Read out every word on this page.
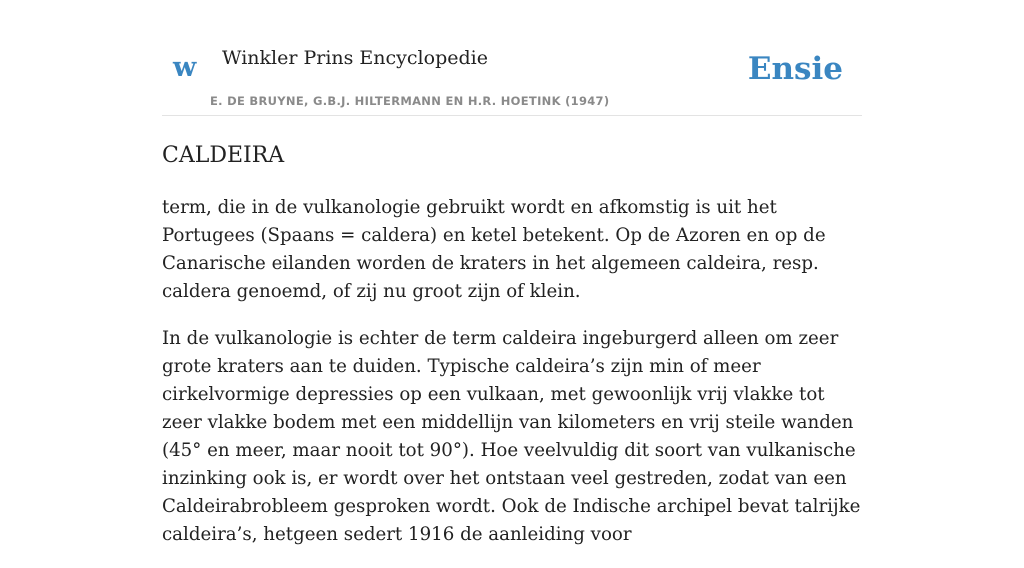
w Winkler Prins Encyclopedie
E. DE BRUYNE, G.B.J. HILTERMANN EN H.R. HOETINK (1947)
Ensie
CALDEIRA

term, die in de vulkanologie gebruikt wordt en afkomstig is uit het Portugees (Spaans = caldera) en ketel betekent. Op de Azoren en op de Canarische eilanden worden de kraters in het algemeen caldeira, resp. caldera genoemd, of zij nu groot zijn of klein.

In de vulkanologie is echter de term caldeira ingeburgerd alleen om zeer grote kraters aan te duiden. Typische caldeira’s zijn min of meer cirkelvormige depressies op een vulkaan, met gewoonlijk vrij vlakke tot zeer vlakke bodem met een middellijn van kilometers en vrij steile wanden (45° en meer, maar nooit tot 90°). Hoe veelvuldig dit soort van vulkanische inzinking ook is, er wordt over het ontstaan veel gestreden, zodat van een Caldeirabrobleem gesproken wordt. Ook de Indische archipel bevat talrijke caldeira’s, hetgeen sedert 1916 de aanleiding voor
